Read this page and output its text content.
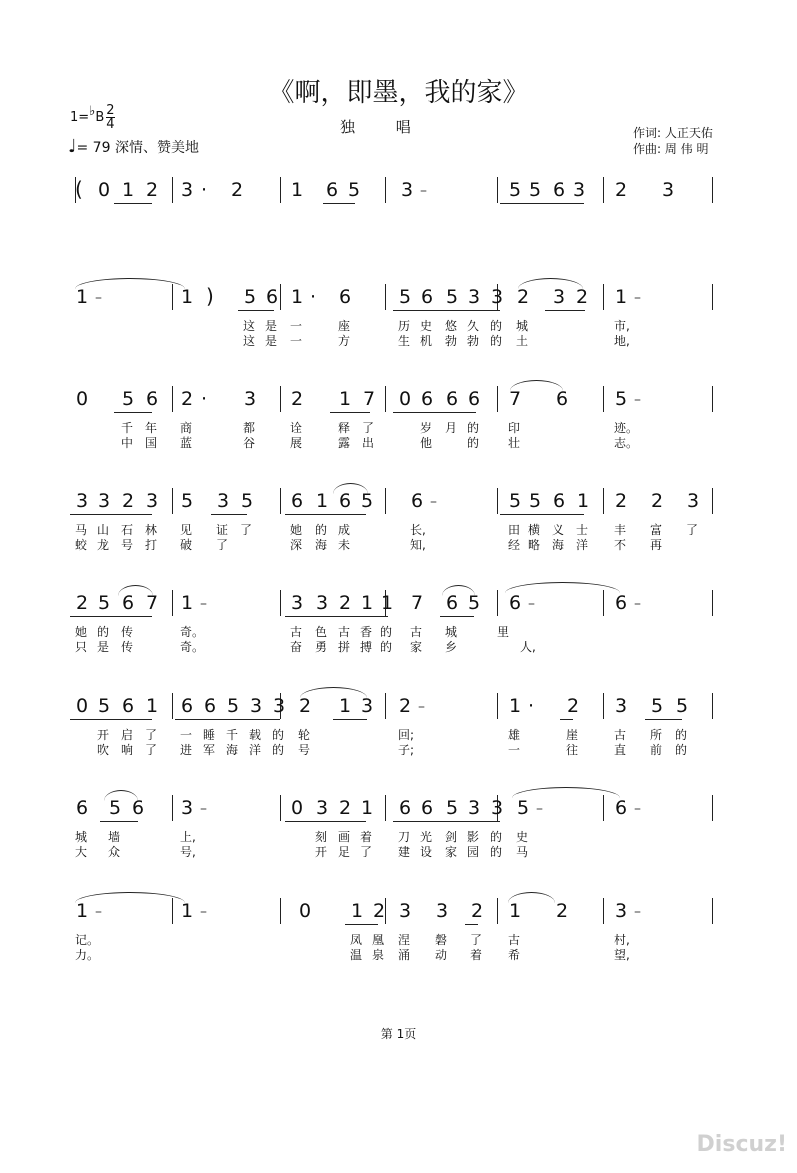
《啊，即墨，我的家》
独 唱
1=♭B $\frac{2}{4}$
♩= 79 深情、赞美地
作词: 人正天佑
作曲: 周 伟 明
( 0 1 2 3 · 2	1 6 5 3 –	5 5 6 3 2 3
1 –	1 ) 5 6 1 · 6	5 6 5 3 3 2 3 2 1 –
这 是 一	座	历 史 悠 久 的 城	市,
这 是 一	方	生 机 勃 勃 的 土	地,
0 5 6 2 · 3 2 1 7 0 6 6 6 7 6 5 –
千 年 商	都	诠	释 了	岁 月 的 印	迹。
中 国 蓝	谷	展	露 出	他	的 壮	志。
3 3 2 3 5 3 5 6 1 6 5 6 –	5 5 6 1 2 2 3
马 山 石 林 见 证 了	她 的 成	长,	田 横 义 士 丰 富 了
蛟 龙 号 打 破 了	深 海 未	知,	经 略 海 洋 不 再
2 5 6 7 1 –	3 3 2 1 1 7 6 5 6 –	6 –
她 的 传	奇。	古 色 古 香 的 古 城	里
只 是 传	奇。	奋 勇 拼 搏 的 家 乡	人,
0 5 6 1 6 6 5 3 3 2 1 3 2 –	1 · 2 3 5 5
开 启 了 一 睡 千 载 的 轮	回;	雄	崖	古 所 的
吹 响 了 进 军 海 洋 的 号	子;	一	往	直 前 的
6 5 6 3 –	0 3 2 1 6 6 5 3 3 5 –	6 –
城 墙	上,	刻 画 着 刀 光 剑 影 的 史
大 众	号,	开 足 了 建 设 家 园 的 马
1 –	1 –	0 1 2 3 3 2 1 2 3 –
记。	凤 凰 涅 磐 了 古	村,
力。	温 泉 涌 动 着 希	望,
第 1页
Discuz!
